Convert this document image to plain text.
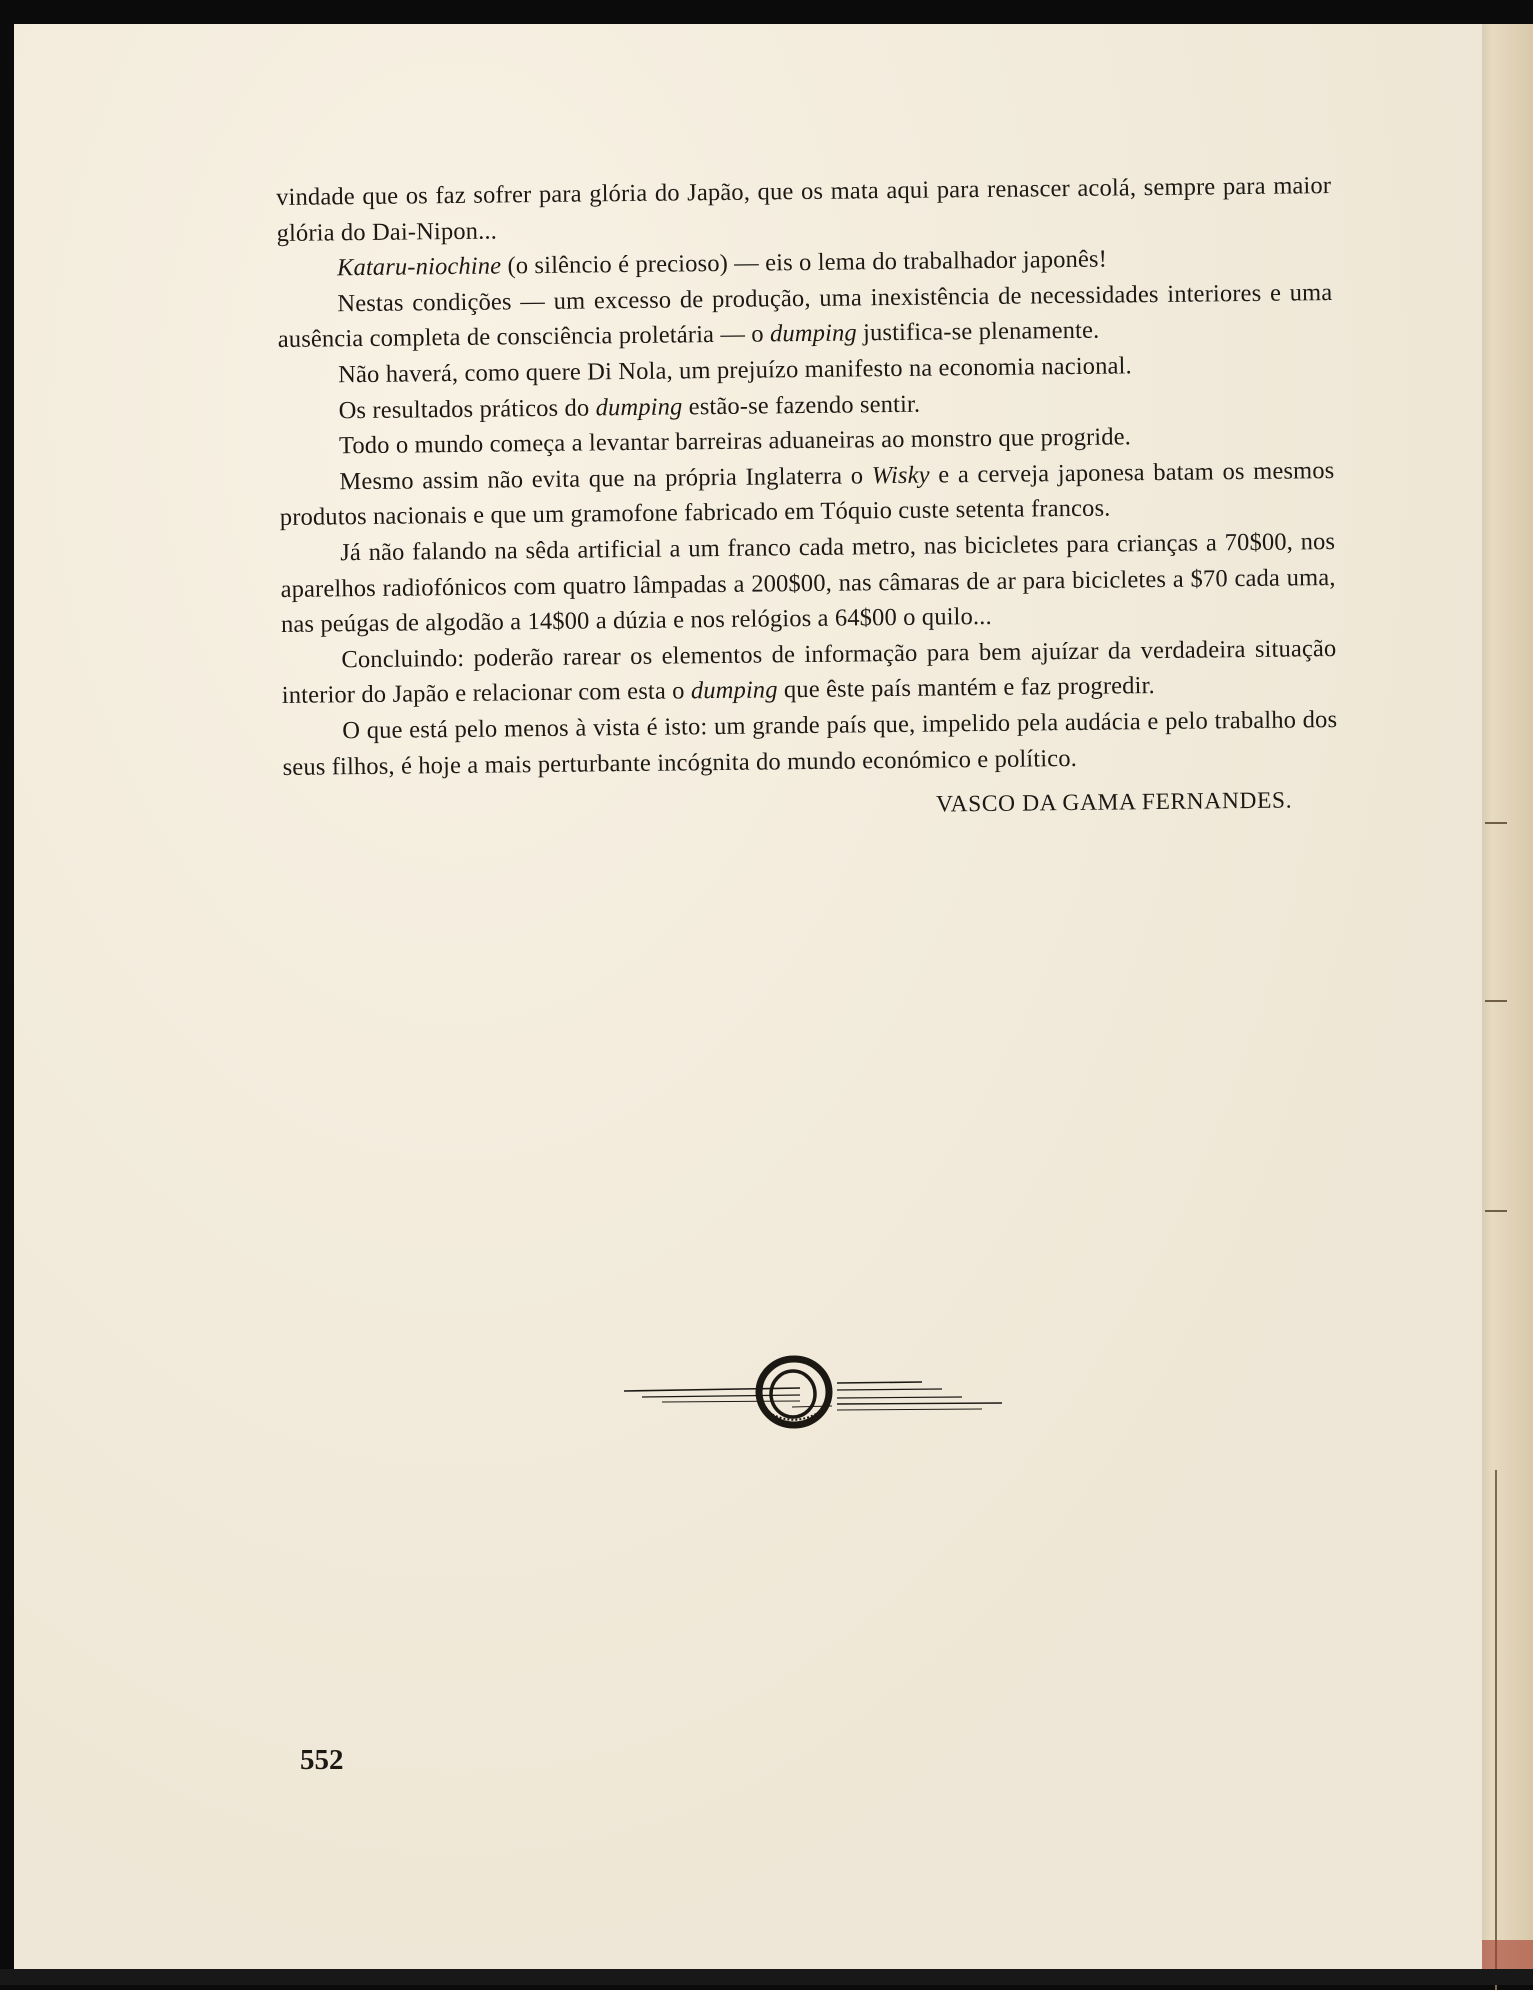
vindade que os faz sofrer para glória do Japão, que os mata aqui para renascer acolá, sempre para maior glória do Dai-Nipon...

Kataru-niochine (o silêncio é precioso) — eis o lema do trabalhador japonês!

Nestas condições — um excesso de produção, uma inexistência de necessidades interiores e uma ausência completa de consciência proletária — o dumping justifica-se plenamente.

Não haverá, como quere Di Nola, um prejuízo manifesto na economia nacional.

Os resultados práticos do dumping estão-se fazendo sentir.

Todo o mundo começa a levantar barreiras aduaneiras ao monstro que progride.

Mesmo assim não evita que na própria Inglaterra o Wisky e a cerveja japonesa batam os mesmos produtos nacionais e que um gramofone fabricado em Tóquio custe setenta francos.

Já não falando na sêda artificial a um franco cada metro, nas bicicletes para crianças a 70$00, nos aparelhos radiofónicos com quatro lâmpadas a 200$00, nas câmaras de ar para bicicletes a $70 cada uma, nas peúgas de algodão a 14$00 a dúzia e nos relógios a 64$00 o quilo...

Concluindo: poderão rarear os elementos de informação para bem ajuízar da verdadeira situação interior do Japão e relacionar com esta o dumping que êste país mantém e faz progredir.

O que está pelo menos à vista é isto: um grande país que, impelido pela audácia e pelo trabalho dos seus filhos, é hoje a mais perturbante incógnita do mundo económico e político.

VASCO DA GAMA FERNANDES.

552
